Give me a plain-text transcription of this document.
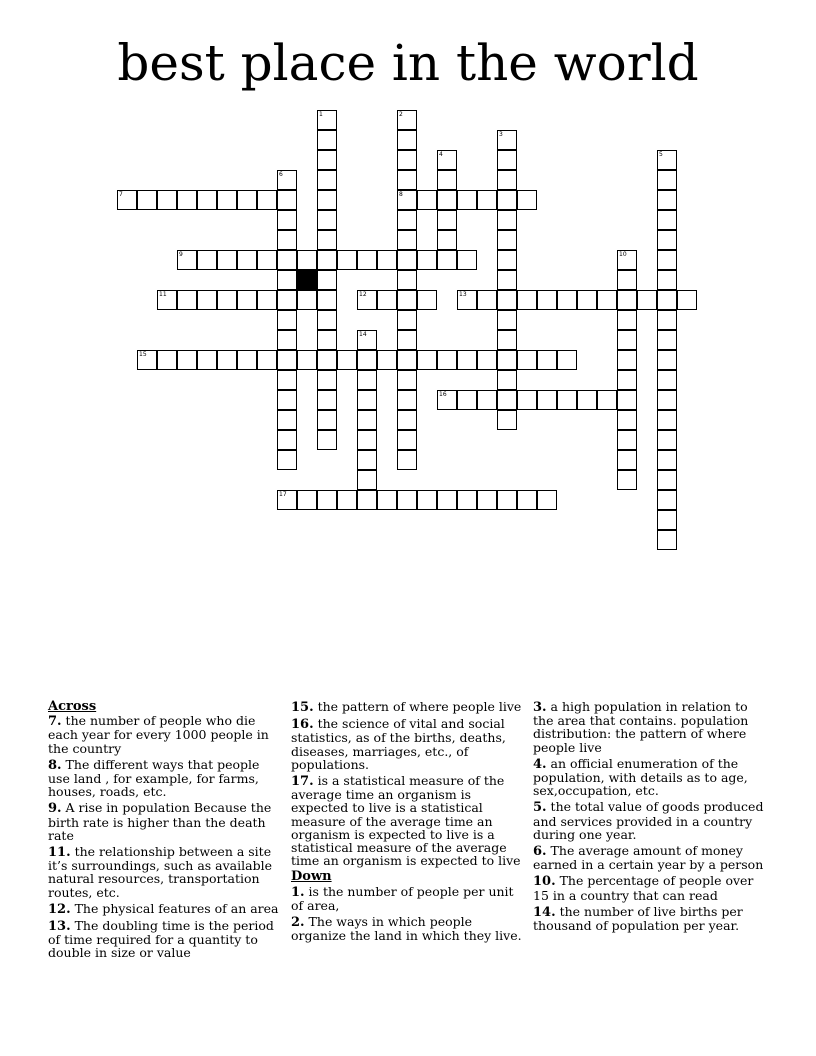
best place in the world
1	2
8
3
4	5
6
7
9	10
11	12	13
14
15
16
17
Across
7. the number of people who die each year for every 1000 people in the country
8. The different ways that people use land , for example, for farms, houses, roads, etc.
9. A rise in population Because the birth rate is higher than the death rate
11. the relationship between a site it’s surroundings, such as available natural resources, transportation routes, etc.
12. The physical features of an area
13. The doubling time is the period of time required for a quantity to double in size or value
15. the pattern of where people live
16. the science of vital and social statistics, as of the births, deaths, diseases, marriages, etc., of populations.
17. is a statistical measure of the average time an organism is expected to live is a statistical measure of the average time an organism is expected to live is a statistical measure of the average time an organism is expected to live
Down
1. is the number of people per unit of area,
2. The ways in which people organize the land in which they live.
3. a high population in relation to the area that contains. population distribution: the pattern of where people live
4. an official enumeration of the population, with details as to age, sex,occupation, etc.
5. the total value of goods produced and services provided in a country during one year.
6. The average amount of money earned in a certain year by a person
10. The percentage of people over 15 in a country that can read
14. the number of live births per thousand of population per year.
